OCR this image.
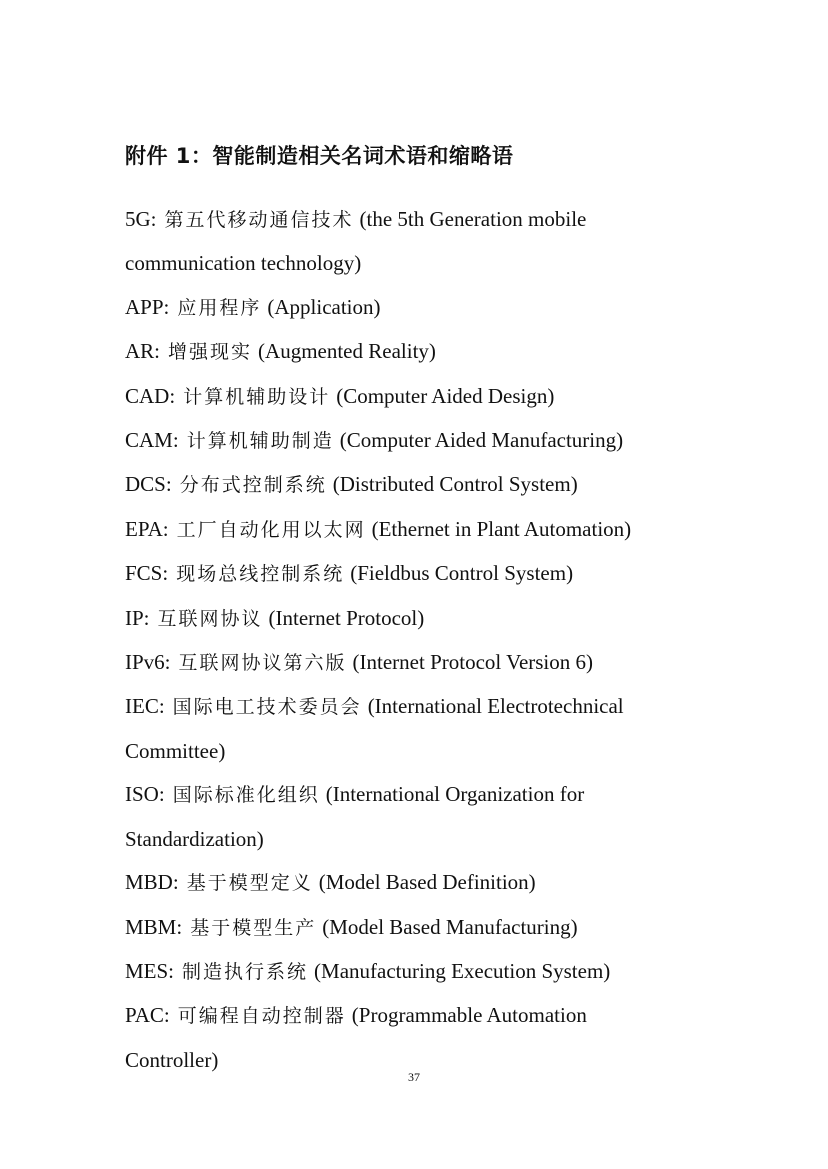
附件 1：智能制造相关名词术语和缩略语
5G: 第五代移动通信技术 (the 5th Generation mobile communication technology)
APP: 应用程序 (Application)
AR: 增强现实 (Augmented Reality)
CAD: 计算机辅助设计 (Computer Aided Design)
CAM: 计算机辅助制造 (Computer Aided Manufacturing)
DCS: 分布式控制系统 (Distributed Control System)
EPA: 工厂自动化用以太网 (Ethernet in Plant Automation)
FCS: 现场总线控制系统 (Fieldbus Control System)
IP: 互联网协议 (Internet Protocol)
IPv6: 互联网协议第六版 (Internet Protocol Version 6)
IEC: 国际电工技术委员会 (International Electrotechnical Committee)
ISO: 国际标准化组织 (International Organization for Standardization)
MBD: 基于模型定义 (Model Based Definition)
MBM: 基于模型生产 (Model Based Manufacturing)
MES: 制造执行系统 (Manufacturing Execution System)
PAC: 可编程自动控制器 (Programmable Automation Controller)
37
